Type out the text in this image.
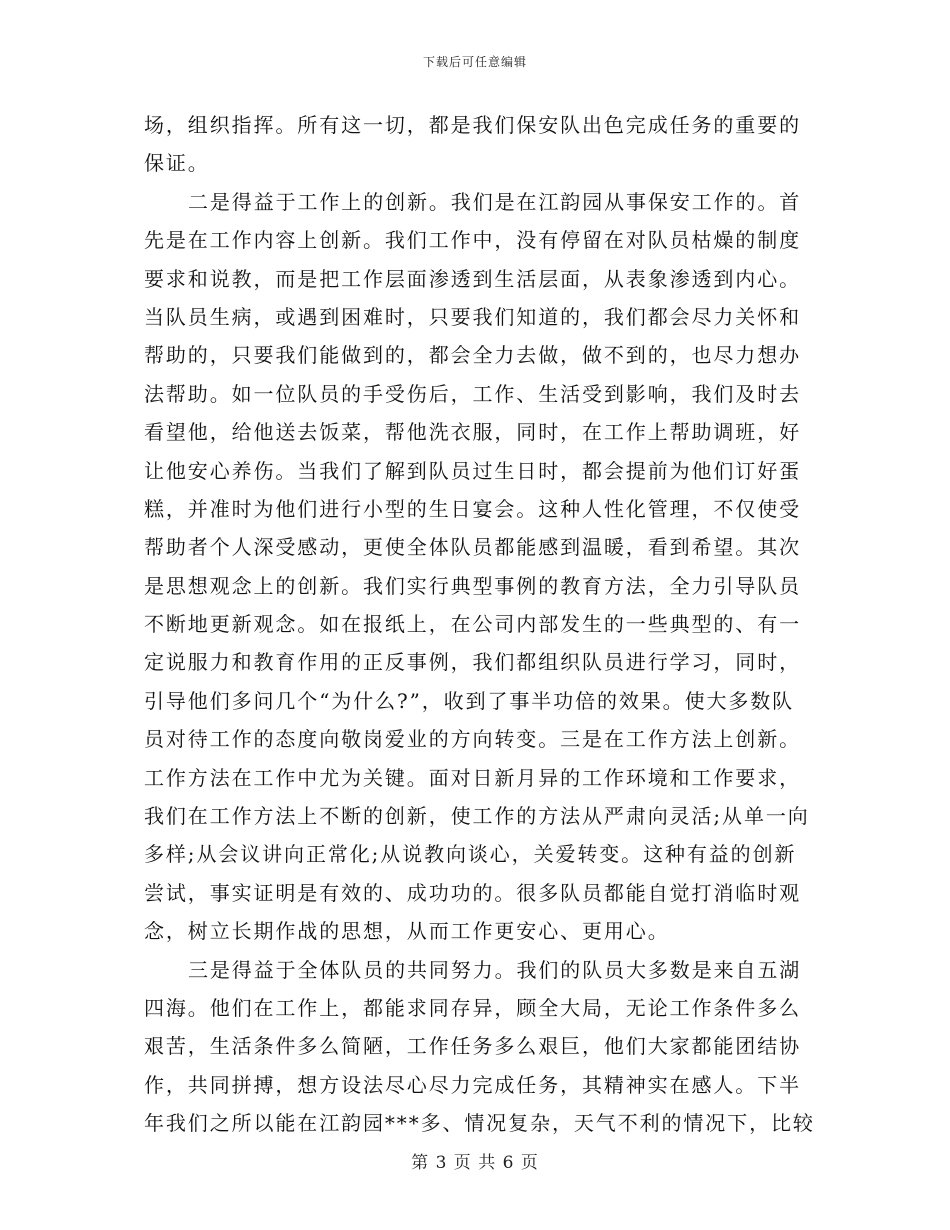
下载后可任意编辑
场，组织指挥。所有这一切，都是我们保安队出色完成任务的重要的
保证。
二是得益于工作上的创新。我们是在江韵园从事保安工作的。首
先是在工作内容上创新。我们工作中，没有停留在对队员枯燥的制度
要求和说教，而是把工作层面渗透到生活层面，从表象渗透到内心。
当队员生病，或遇到困难时，只要我们知道的，我们都会尽力关怀和
帮助的，只要我们能做到的，都会全力去做，做不到的，也尽力想办
法帮助。如一位队员的手受伤后，工作、生活受到影响，我们及时去
看望他，给他送去饭菜，帮他洗衣服，同时，在工作上帮助调班，好
让他安心养伤。当我们了解到队员过生日时，都会提前为他们订好蛋
糕，并准时为他们进行小型的生日宴会。这种人性化管理，不仅使受
帮助者个人深受感动，更使全体队员都能感到温暖，看到希望。其次
是思想观念上的创新。我们实行典型事例的教育方法，全力引导队员
不断地更新观念。如在报纸上，在公司内部发生的一些典型的、有一
定说服力和教育作用的正反事例，我们都组织队员进行学习，同时，
引导他们多问几个“为什么?”，收到了事半功倍的效果。使大多数队
员对待工作的态度向敬岗爱业的方向转变。三是在工作方法上创新。
工作方法在工作中尤为关键。面对日新月异的工作环境和工作要求，
我们在工作方法上不断的创新，使工作的方法从严肃向灵活;从单一向
多样;从会议讲向正常化;从说教向谈心，关爱转变。这种有益的创新
尝试，事实证明是有效的、成功功的。很多队员都能自觉打消临时观
念，树立长期作战的思想，从而工作更安心、更用心。
三是得益于全体队员的共同努力。我们的队员大多数是来自五湖
四海。他们在工作上，都能求同存异，顾全大局，无论工作条件多么
艰苦，生活条件多么简陋，工作任务多么艰巨，他们大家都能团结协
作，共同拼搏，想方设法尽心尽力完成任务，其精神实在感人。下半
年我们之所以能在江韵园***多、情况复杂，天气不利的情况下，比较
第 3 页 共 6 页
